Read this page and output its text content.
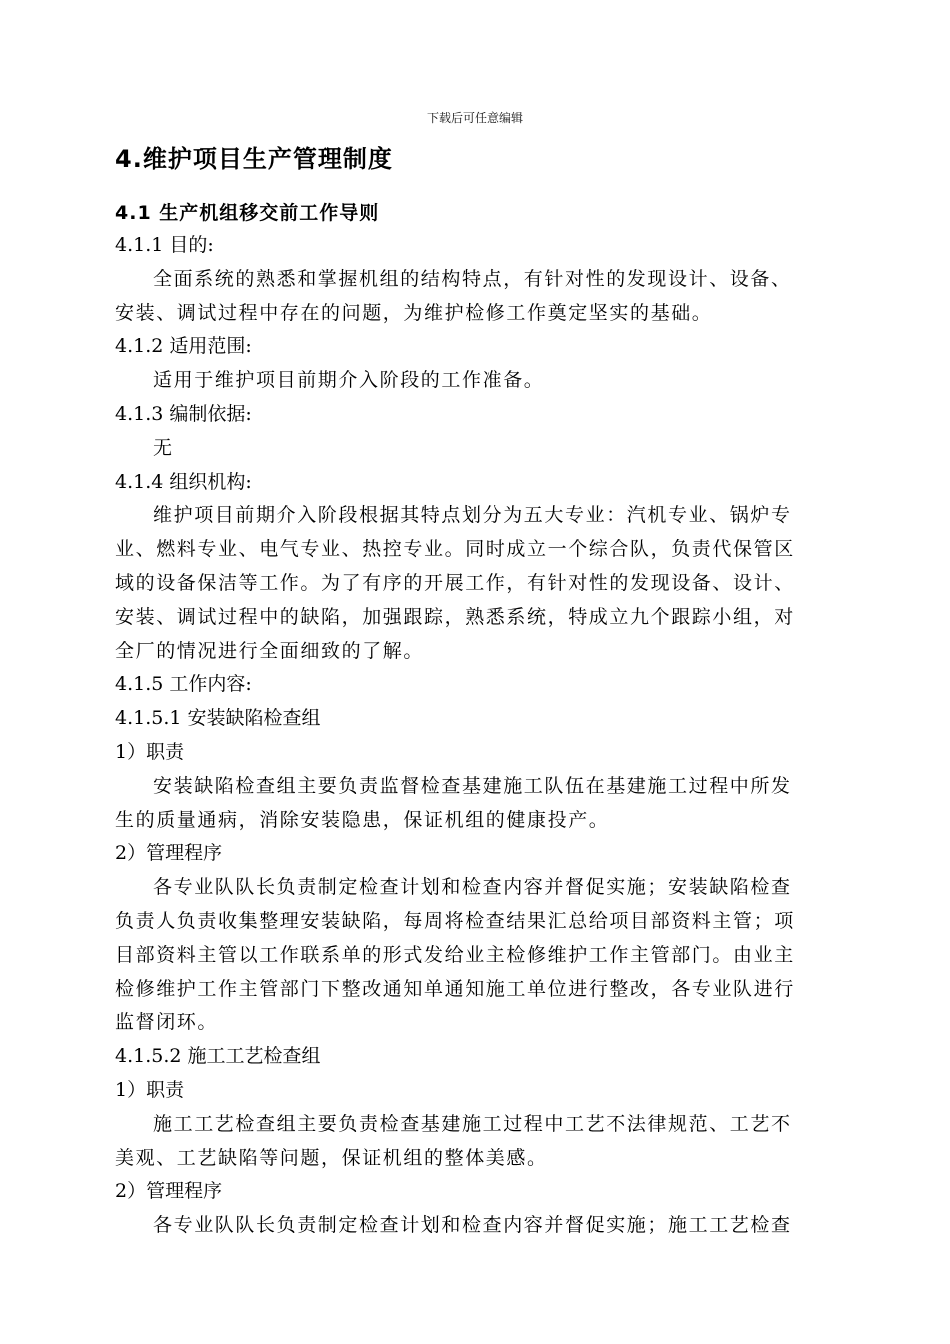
下载后可任意编辑
4.维护项目生产管理制度
4.1 生产机组移交前工作导则
4.1.1 目的:
全面系统的熟悉和掌握机组的结构特点，有针对性的发现设计、设备、
安装、调试过程中存在的问题，为维护检修工作奠定坚实的基础。
4.1.2 适用范围:
适用于维护项目前期介入阶段的工作准备。
4.1.3 编制依据:
无
4.1.4 组织机构:
维护项目前期介入阶段根据其特点划分为五大专业：汽机专业、锅炉专
业、燃料专业、电气专业、热控专业。同时成立一个综合队，负责代保管区
域的设备保洁等工作。为了有序的开展工作，有针对性的发现设备、设计、
安装、调试过程中的缺陷，加强跟踪，熟悉系统，特成立九个跟踪小组，对
全厂的情况进行全面细致的了解。
4.1.5 工作内容:
4.1.5.1 安装缺陷检查组
1）职责
安装缺陷检查组主要负责监督检查基建施工队伍在基建施工过程中所发
生的质量通病，消除安装隐患，保证机组的健康投产。
2）管理程序
各专业队队长负责制定检查计划和检查内容并督促实施；安装缺陷检查
负责人负责收集整理安装缺陷，每周将检查结果汇总给项目部资料主管；项
目部资料主管以工作联系单的形式发给业主检修维护工作主管部门。由业主
检修维护工作主管部门下整改通知单通知施工单位进行整改，各专业队进行
监督闭环。
4.1.5.2 施工工艺检查组
1）职责
施工工艺检查组主要负责检查基建施工过程中工艺不法律规范、工艺不
美观、工艺缺陷等问题，保证机组的整体美感。
2）管理程序
各专业队队长负责制定检查计划和检查内容并督促实施；施工工艺检查
